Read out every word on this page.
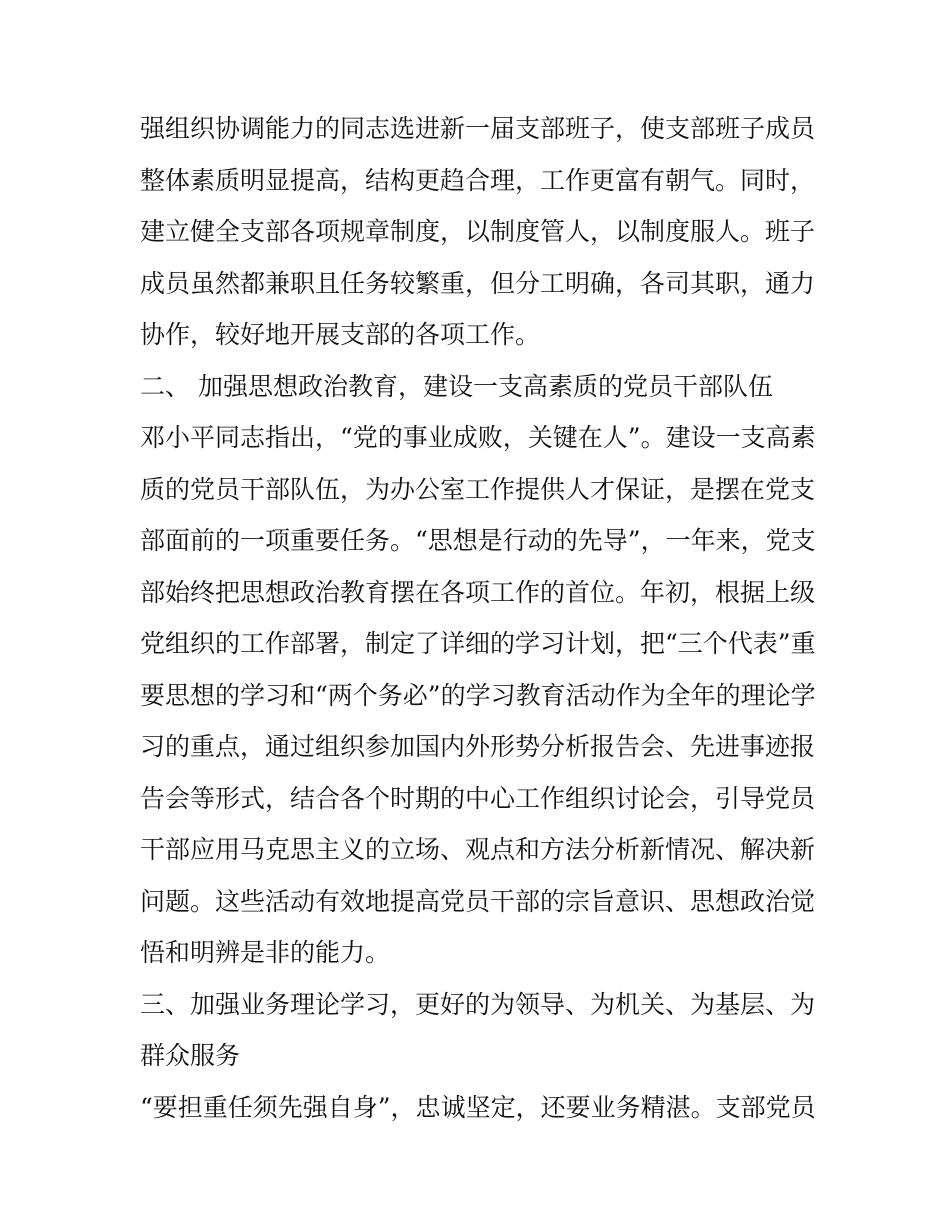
强组织协调能力的同志选进新一届支部班子，使支部班子成员
整体素质明显提高，结构更趋合理，工作更富有朝气。同时，
建立健全支部各项规章制度，以制度管人，以制度服人。班子
成员虽然都兼职且任务较繁重，但分工明确，各司其职，通力
协作，较好地开展支部的各项工作。
二、 加强思想政治教育，建设一支高素质的党员干部队伍
邓小平同志指出，“党的事业成败，关键在人”。建设一支高素
质的党员干部队伍，为办公室工作提供人才保证，是摆在党支
部面前的一项重要任务。“思想是行动的先导”，一年来，党支
部始终把思想政治教育摆在各项工作的首位。年初，根据上级
党组织的工作部署，制定了详细的学习计划，把“三个代表”重
要思想的学习和“两个务必”的学习教育活动作为全年的理论学
习的重点，通过组织参加国内外形势分析报告会、先进事迹报
告会等形式，结合各个时期的中心工作组织讨论会，引导党员
干部应用马克思主义的立场、观点和方法分析新情况、解决新
问题。这些活动有效地提高党员干部的宗旨意识、思想政治觉
悟和明辨是非的能力。
三、加强业务理论学习，更好的为领导、为机关、为基层、为
群众服务
“要担重任须先强自身”，忠诚坚定，还要业务精湛。支部党员
